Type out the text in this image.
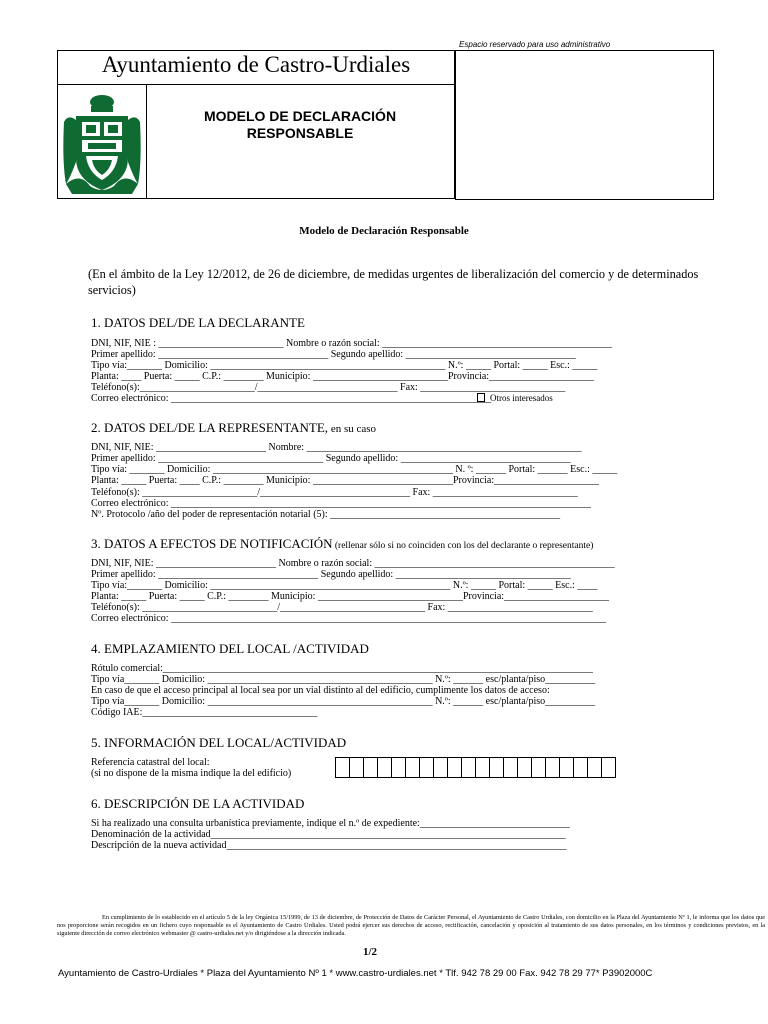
Espacio reservado para uso administrativo
Ayuntamiento de Castro-Urdiales
MODELO DE DECLARACIÓN
RESPONSABLE
Modelo de Declaración Responsable
(En el ámbito de la Ley 12/2012, de 26 de diciembre, de medidas urgentes de liberalización del comercio y de determinados servicios)
1. DATOS DEL/DE LA DECLARANTE
DNI, NIF, NIE : _________________________ Nombre o razón social: ______________________________________________
Primer apellido: __________________________________ Segundo apellido: __________________________________
Tipo vía:_______ Domicilio: _______________________________________________ N.º: _____ Portal: _____ Esc.: _____
Planta: ____ Puerta: _____ C.P.: ________ Municipio: ___________________________Provincia:_____________________
Teléfono(s):_______________________/____________________________ Fax: _____________________________
Correo electrónico: ________________________________________________________________ Otros interesados
2. DATOS DEL/DE LA REPRESENTANTE, en su caso
DNI, NIF, NIE: ______________________ Nombre: _______________________________________________________
Primer apellido: _________________________________ Segundo apellido: __________________________________
Tipo vía: _______ Domicilio: ________________________________________________ N. º: ______ Portal: ______ Esc.: _____
Planta: _____ Puerta: ____ C.P.: ________ Municipio: ____________________________Provincia:_____________________
Teléfono(s): _______________________/______________________________ Fax: _____________________________
Correo electrónico: ____________________________________________________________________________________
Nº. Protocolo /año del poder de representación notarial (5): ______________________________________________
3. DATOS A EFECTOS DE NOTIFICACIÓN (rellenar sólo si no coinciden con los del declarante o representante)
DNI, NIF, NIE: ________________________ Nombre o razón social: ________________________________________________
Primer apellido: ________________________________ Segundo apellido: ___________________________________
Tipo vía:_______ Domicilio: ________________________________________________ N.º: _____ Portal: _____ Esc.: ____
Planta: _____ Puerta: _____ C.P.: ________ Municipio: _____________________________Provincia:_____________________
Teléfono(s): ___________________________/_____________________________ Fax: _____________________________
Correo electrónico: _______________________________________________________________________________________
4. EMPLAZAMIENTO DEL LOCAL /ACTIVIDAD
Rótulo comercial:______________________________________________________________________________________
Tipo vía_______ Domicilio: _____________________________________________ N.º: ______ esc/planta/piso__________
En caso de que el acceso principal al local sea por un vial distinto al del edificio, cumplimente los datos de acceso:
Tipo vía_______ Domicilio: _____________________________________________ N.º: ______ esc/planta/piso__________
Código IAE:___________________________________
5. INFORMACIÓN DEL LOCAL/ACTIVIDAD
Referencia catastral del local:
(si no dispone de la misma indique la del edificio)
6. DESCRIPCIÓN DE LA ACTIVIDAD
Si ha realizado una consulta urbanística previamente, indique el n.º de expediente:______________________________
Denominación de la actividad_______________________________________________________________________
Descripción de la nueva actividad____________________________________________________________________
En cumplimiento de lo establecido en el artículo 5 de la ley Orgánica 15/1999, de 13 de diciembre, de Protección de Datos de Carácter Personal, el Ayuntamiento de Castro Urdiales, con domicilio en la Plaza del Ayuntamiento Nº 1, le informa que los datos que nos proporcione serán recogidos en un fichero cuyo responsable es el Ayuntamiento de Castro Urdiales. Usted podrá ejercer sus derechos de acceso, rectificación, cancelación y oposición al tratamiento de sus datos personales, en los términos y condiciones previstos, en la siguiente dirección de correo electrónico webmaster @ castro-urdiales.net y/o dirigiéndose a la dirección indicada.
1/2
Ayuntamiento de Castro-Urdiales * Plaza del Ayuntamiento Nº 1 * www.castro-urdiales.net * Tlf. 942 78 29 00 Fax. 942 78 29 77* P3902000C
